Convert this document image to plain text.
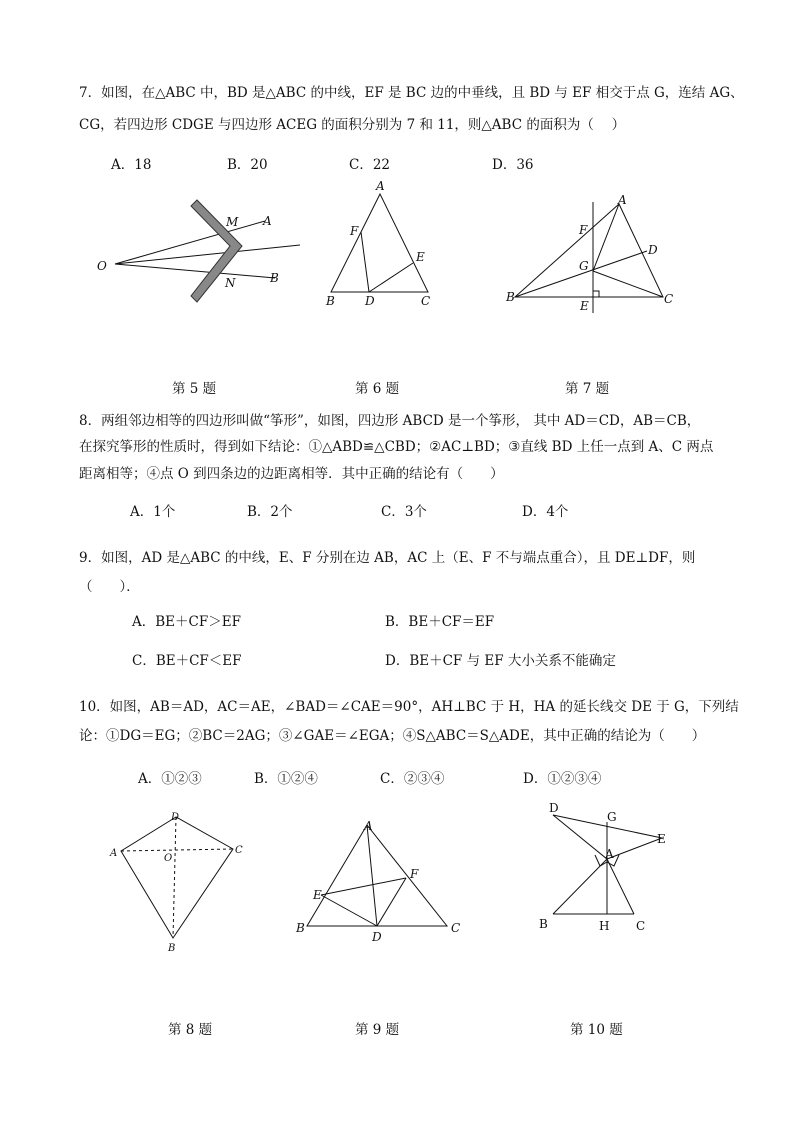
7．如图，在△ABC 中，BD 是△ABC 的中线，EF 是 BC 边的中垂线，且 BD 与 EF 相交于点 G，连结 AG、
CG，若四边形 CDGE 与四边形 ACEG 的面积分别为 7 和 11，则△ABC 的面积为（　 ）
A．18	B．20	C．22	D．36
M A
O
N	B
A
F
E
B	D	C
A
F
D
G
B
E	C
第 5 题	第 6 题	第 7 题
8．两组邻边相等的四边形叫做“筝形”，如图，四边形 ABCD 是一个筝形， 其中 AD＝CD，AB＝CB，
在探究筝形的性质时，得到如下结论：①△ABD≌△CBD；②AC⊥BD；③直线 BD 上任一点到 A、C 两点
距离相等；④点 O 到四条边的边距离相等．其中正确的结论有（　　）
A．1个	B．2个	C．3个	D．4个
9．如图，AD 是△ABC 的中线，E、F 分别在边 AB，AC 上（E、F 不与端点重合），且 DE⊥DF，则
（　　）．
A．BE＋CF＞EF	B．BE＋CF＝EF
C．BE＋CF＜EF	D．BE＋CF 与 EF 大小关系不能确定
10．如图，AB＝AD，AC＝AE，∠BAD＝∠CAE＝90°，AH⊥BC 于 H，HA 的延长线交 DE 于 G，下列结
论：①DG＝EG；②BC＝2AG；③∠GAE＝∠EGA；④S△ABC＝S△ADE，其中正确的结论为（　　）
A．①②③	B．①②④	C．②③④	D．①②③④
D
A	O
C
B
A
E
F
B
D
C
D
G
E
A
B	H C
第 8 题	第 9 题	第 10 题
